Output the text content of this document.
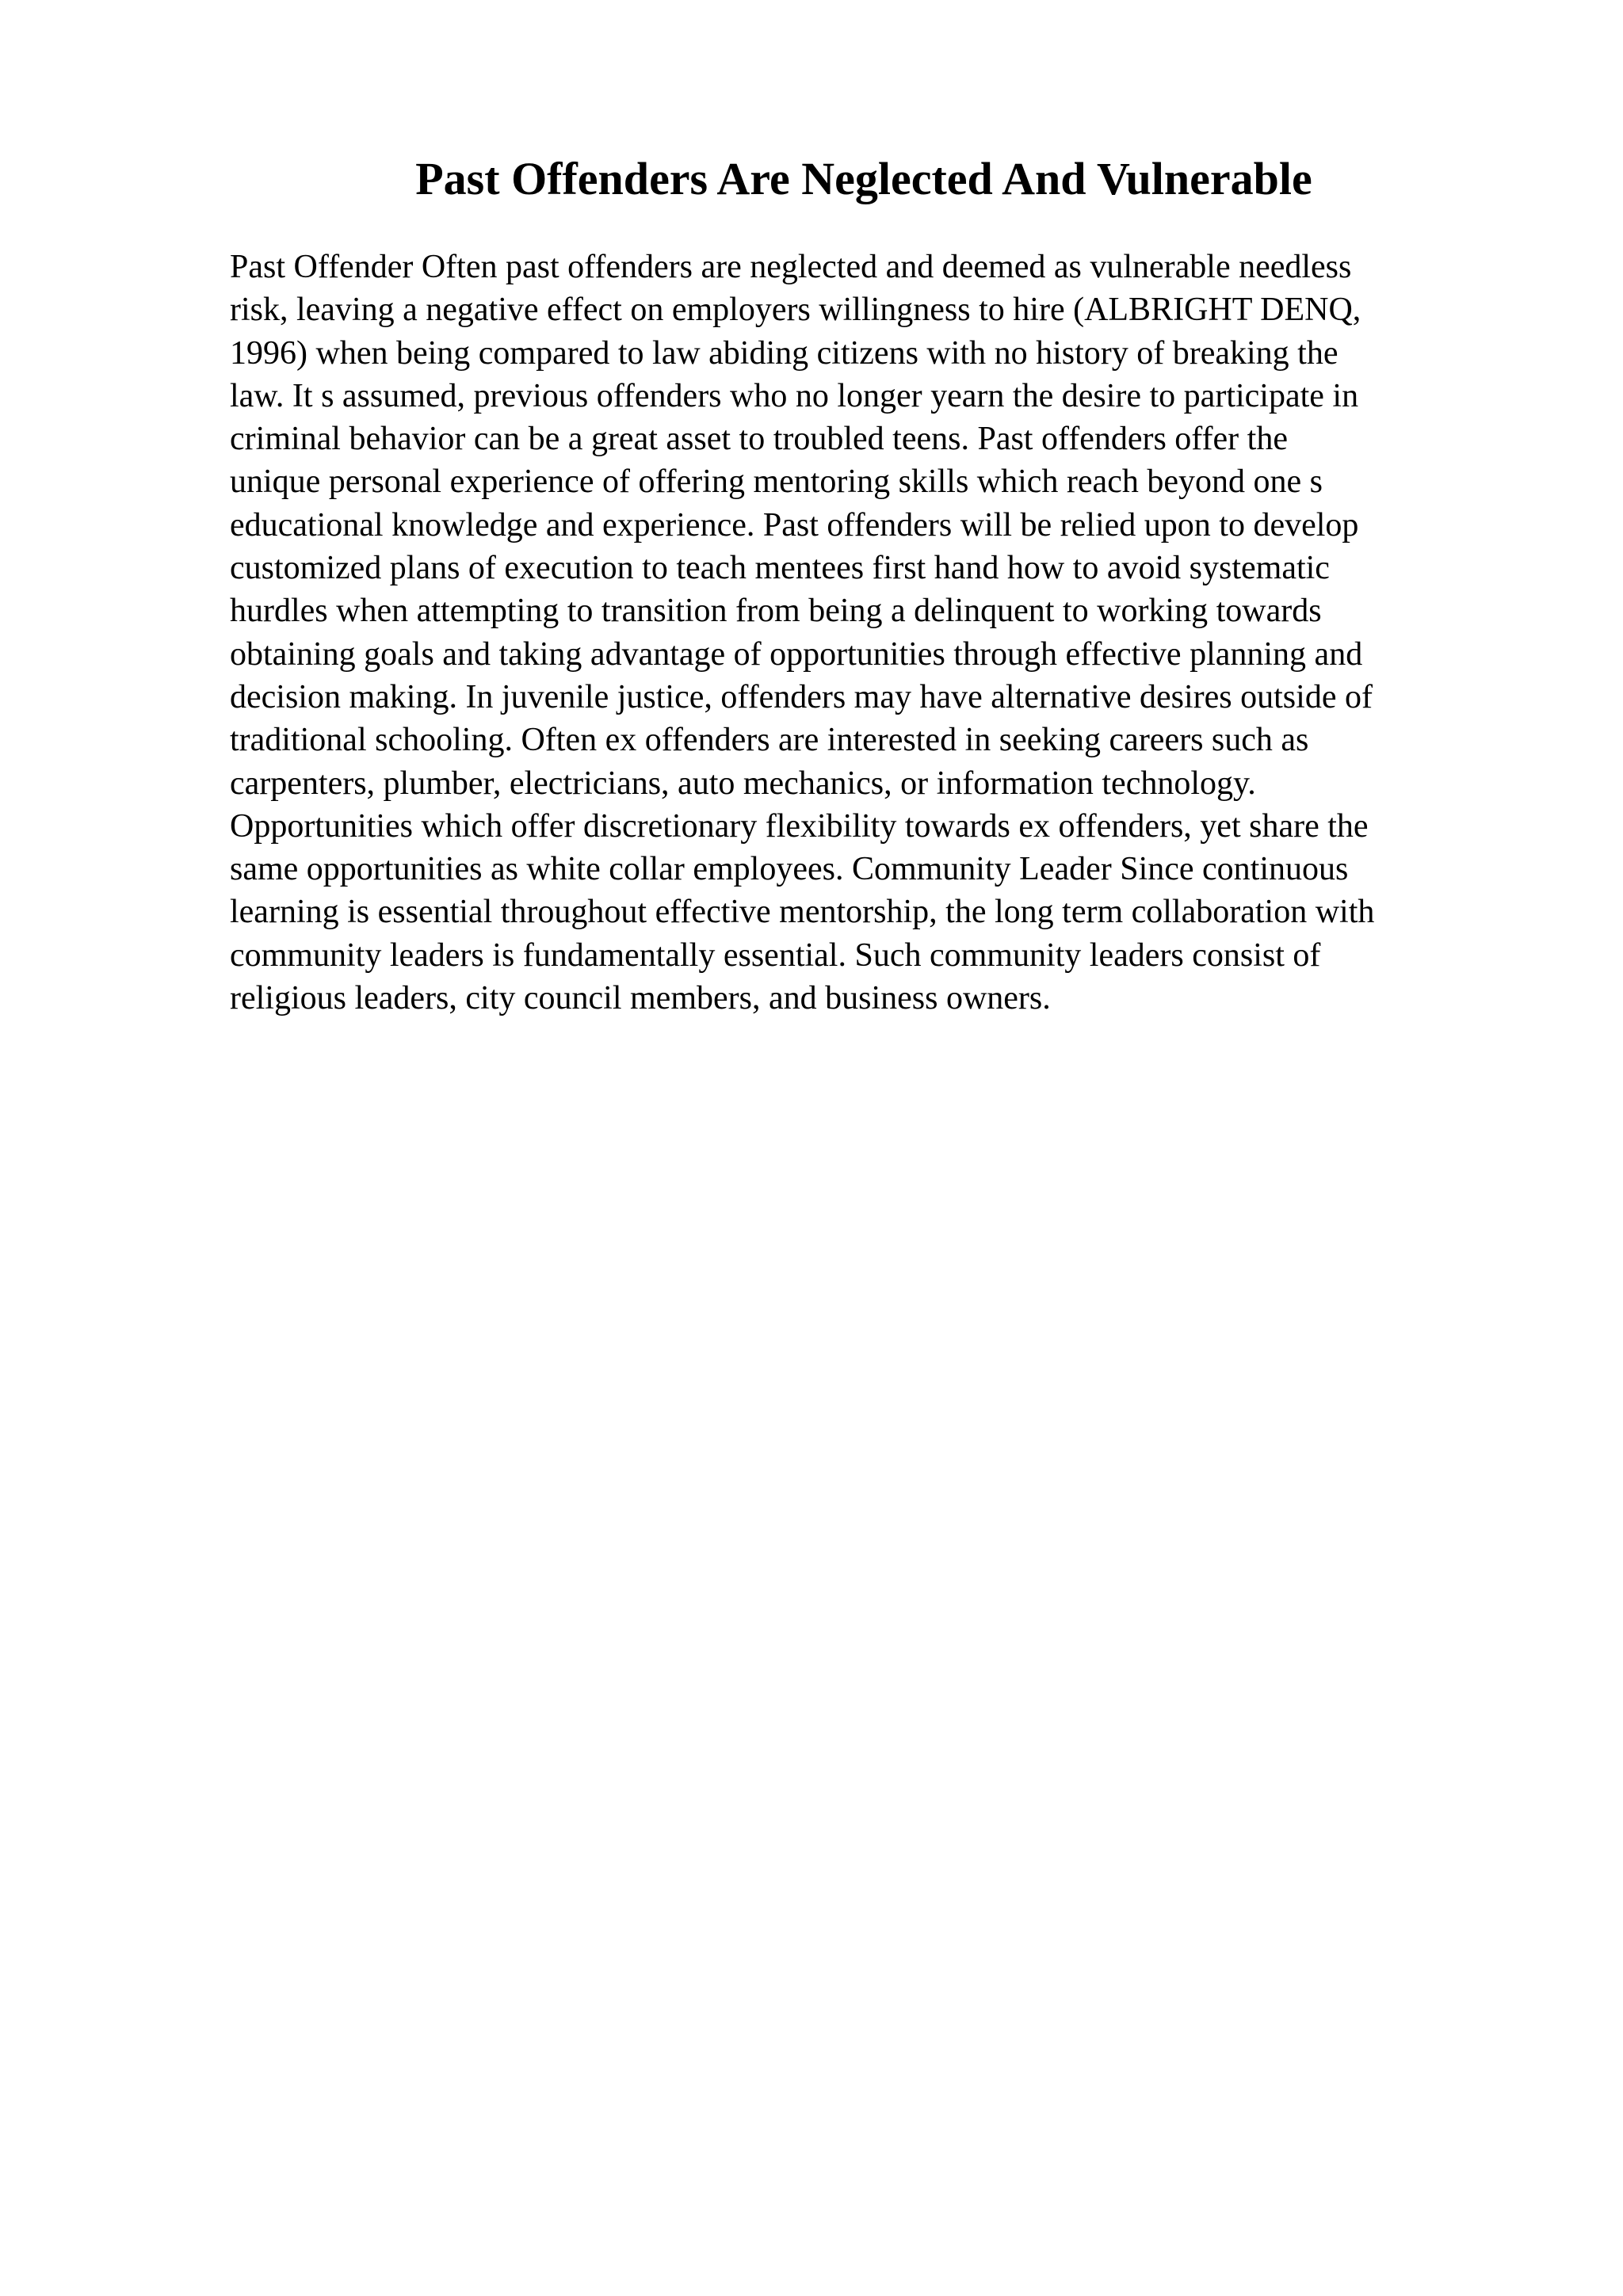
Past Offenders Are Neglected And Vulnerable
Past Offender Often past offenders are neglected and deemed as vulnerable needless
risk, leaving a negative effect on employers willingness to hire (ALBRIGHT DENQ,
1996) when being compared to law abiding citizens with no history of breaking the
law. It s assumed, previous offenders who no longer yearn the desire to participate in
criminal behavior can be a great asset to troubled teens. Past offenders offer the
unique personal experience of offering mentoring skills which reach beyond one s
educational knowledge and experience. Past offenders will be relied upon to develop
customized plans of execution to teach mentees first hand how to avoid systematic
hurdles when attempting to transition from being a delinquent to working towards
obtaining goals and taking advantage of opportunities through effective planning and
decision making. In juvenile justice, offenders may have alternative desires outside of
traditional schooling. Often ex offenders are interested in seeking careers such as
carpenters, plumber, electricians, auto mechanics, or information technology.
Opportunities which offer discretionary flexibility towards ex offenders, yet share the
same opportunities as white collar employees. Community Leader Since continuous
learning is essential throughout effective mentorship, the long term collaboration with
community leaders is fundamentally essential. Such community leaders consist of
religious leaders, city council members, and business owners.
